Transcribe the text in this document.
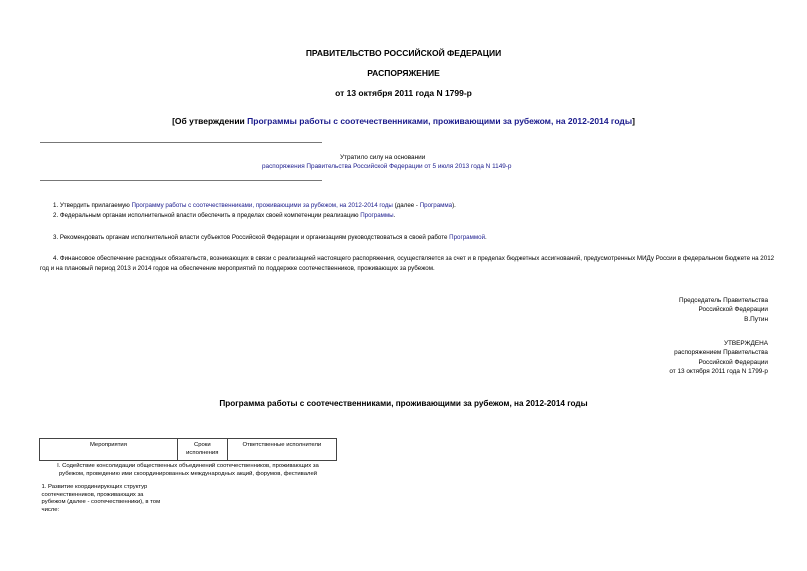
ПРАВИТЕЛЬСТВО РОССИЙСКОЙ ФЕДЕРАЦИИ
РАСПОРЯЖЕНИЕ
от 13 октября 2011 года N 1799-р
[Об утверждении Программы работы с соотечественниками, проживающими за рубежом, на 2012-2014 годы]
Утратило силу на основании
распоряжения Правительства Российской Федерации от 5 июля 2013 года N 1149-р
1. Утвердить прилагаемую Программу работы с соотечественниками, проживающими за рубежом, на 2012-2014 годы (далее - Программа).
2. Федеральным органам исполнительной власти обеспечить в пределах своей компетенции реализацию Программы.
3. Рекомендовать органам исполнительной власти субъектов Российской Федерации и организациям руководствоваться в своей работе Программой.
4. Финансовое обеспечение расходных обязательств, возникающих в связи с реализацией настоящего распоряжения, осуществляется за счет и в пределах бюджетных ассигнований, предусмотренных МИДу России в федеральном бюджете на 2012 год и на плановый период 2013 и 2014 годов на обеспечение мероприятий по поддержке соотечественников, проживающих за рубежом.
Председатель Правительства
Российской Федерации
В.Путин
УТВЕРЖДЕНА
распоряжением Правительства
Российской Федерации
от 13 октября 2011 года N 1799-р
Программа работы с соотечественниками, проживающими за рубежом, на 2012-2014 годы
Мероприятия	Сроки исполнения	Ответственные исполнители
I. Содействие консолидации общественных объединений соотечественников, проживающих за рубежом, проведению ими скоординированных международных акций, форумов, фестивалей		

1. Развитие координирующих структур соотечественников, проживающих за рубежом (далее - соотечественники), в том числе:		
